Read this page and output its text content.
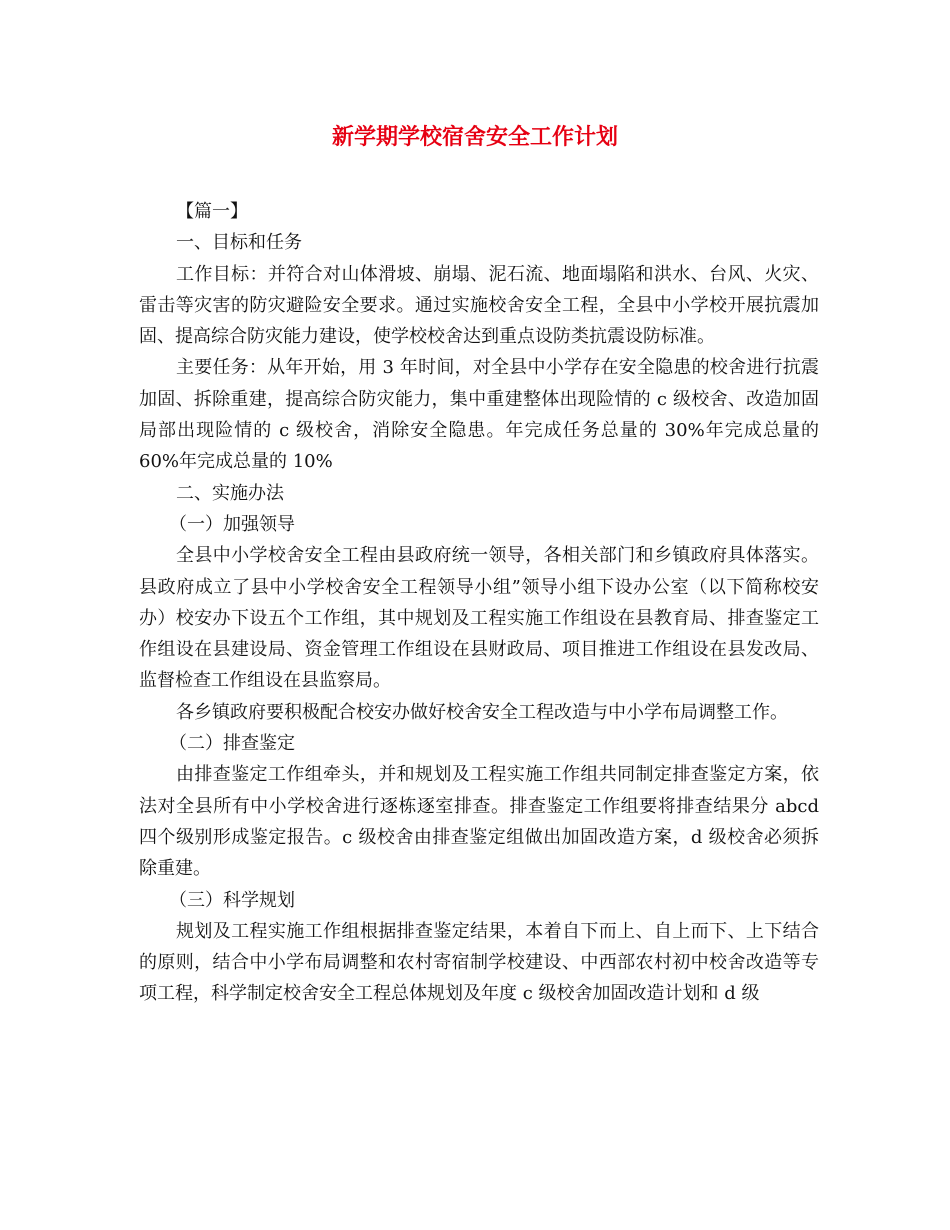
新学期学校宿舍安全工作计划

【篇一】

一、目标和任务

工作目标：并符合对山体滑坡、崩塌、泥石流、地面塌陷和洪水、台风、火灾、雷击等灾害的防灾避险安全要求。通过实施校舍安全工程，全县中小学校开展抗震加固、提高综合防灾能力建设，使学校校舍达到重点设防类抗震设防标准。

主要任务：从年开始，用 3 年时间，对全县中小学存在安全隐患的校舍进行抗震加固、拆除重建，提高综合防灾能力，集中重建整体出现险情的 c 级校舍、改造加固局部出现险情的 c 级校舍，消除安全隐患。年完成任务总量的 30%年完成总量的 60%年完成总量的 10%

二、实施办法

（一）加强领导

全县中小学校舍安全工程由县政府统一领导，各相关部门和乡镇政府具体落实。县政府成立了县中小学校舍安全工程领导小组”领导小组下设办公室（以下简称校安办）校安办下设五个工作组，其中规划及工程实施工作组设在县教育局、排查鉴定工作组设在县建设局、资金管理工作组设在县财政局、项目推进工作组设在县发改局、监督检查工作组设在县监察局。

各乡镇政府要积极配合校安办做好校舍安全工程改造与中小学布局调整工作。

（二）排查鉴定

由排查鉴定工作组牵头，并和规划及工程实施工作组共同制定排查鉴定方案，依法对全县所有中小学校舍进行逐栋逐室排查。排查鉴定工作组要将排查结果分 abcd 四个级别形成鉴定报告。c 级校舍由排查鉴定组做出加固改造方案，d 级校舍必须拆除重建。

（三）科学规划

规划及工程实施工作组根据排查鉴定结果，本着自下而上、自上而下、上下结合的原则，结合中小学布局调整和农村寄宿制学校建设、中西部农村初中校舍改造等专项工程，科学制定校舍安全工程总体规划及年度 c 级校舍加固改造计划和 d 级
